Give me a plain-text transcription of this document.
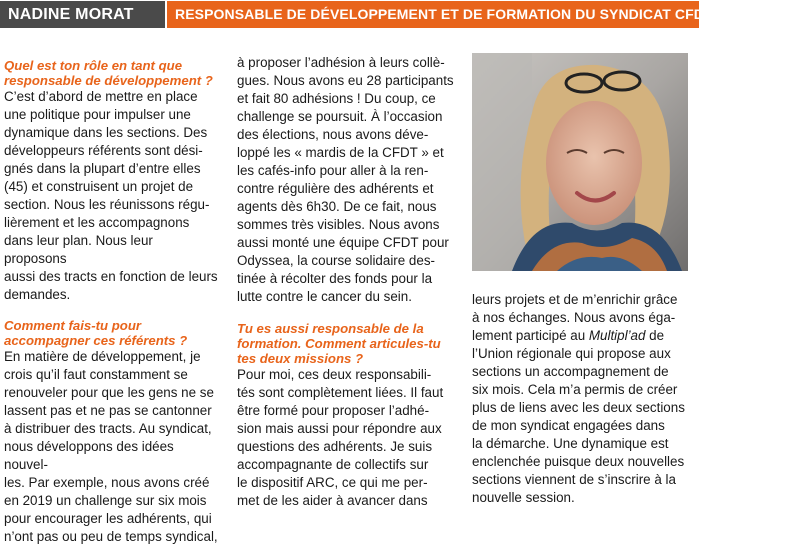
NADINE MORAT	RESPONSABLE DE DÉVELOPPEMENT ET DE FORMATION DU SYNDICAT CFDT DE L’AP-HP

Quel est ton rôle en tant que
responsable de développement ?

C’est d’abord de mettre en place
une politique pour impulser une
dynamique dans les sections. Des
développeurs référents sont dési-
gnés dans la plupart d’entre elles
(45) et construisent un projet de
section. Nous les réunissons régu-
lièrement et les accompagnons
dans leur plan. Nous leur proposons
aussi des tracts en fonction de leurs
demandes.

Comment fais-tu pour
accompagner ces référents ?

En matière de développement, je
crois qu’il faut constamment se
renouveler pour que les gens ne se
lassent pas et ne pas se cantonner
à distribuer des tracts. Au syndicat,
nous développons des idées nouvel-
les. Par exemple, nous avons créé
en 2019 un challenge sur six mois
pour encourager les adhérents, qui
n’ont pas ou peu de temps syndical,

à proposer l’adhésion à leurs collè-
gues. Nous avons eu 28 participants
et fait 80 adhésions ! Du coup, ce
challenge se poursuit. À l’occasion
des élections, nous avons déve-
loppé les « mardis de la CFDT » et
les cafés-info pour aller à la ren-
contre régulière des adhérents et
agents dès 6h30. De ce fait, nous
sommes très visibles. Nous avons
aussi monté une équipe CFDT pour
Odyssea, la course solidaire des-
tinée à récolter des fonds pour la
lutte contre le cancer du sein.

Tu es aussi responsable de la
formation. Comment articules-tu
tes deux missions ?

Pour moi, ces deux responsabili-
tés sont complètement liées. Il faut
être formé pour proposer l’adhé-
sion mais aussi pour répondre aux
questions des adhérents. Je suis
accompagnante de collectifs sur
le dispositif ARC, ce qui me per-
met de les aider à avancer dans

leurs projets et de m’enrichir grâce
à nos échanges. Nous avons éga-
lement participé au Multipl’ad de
l’Union régionale qui propose aux
sections un accompagnement de
six mois. Cela m’a permis de créer
plus de liens avec les deux sections
de mon syndicat engagées dans
la démarche. Une dynamique est
enclenchée puisque deux nouvelles
sections viennent de s’inscrire à la
nouvelle session.
